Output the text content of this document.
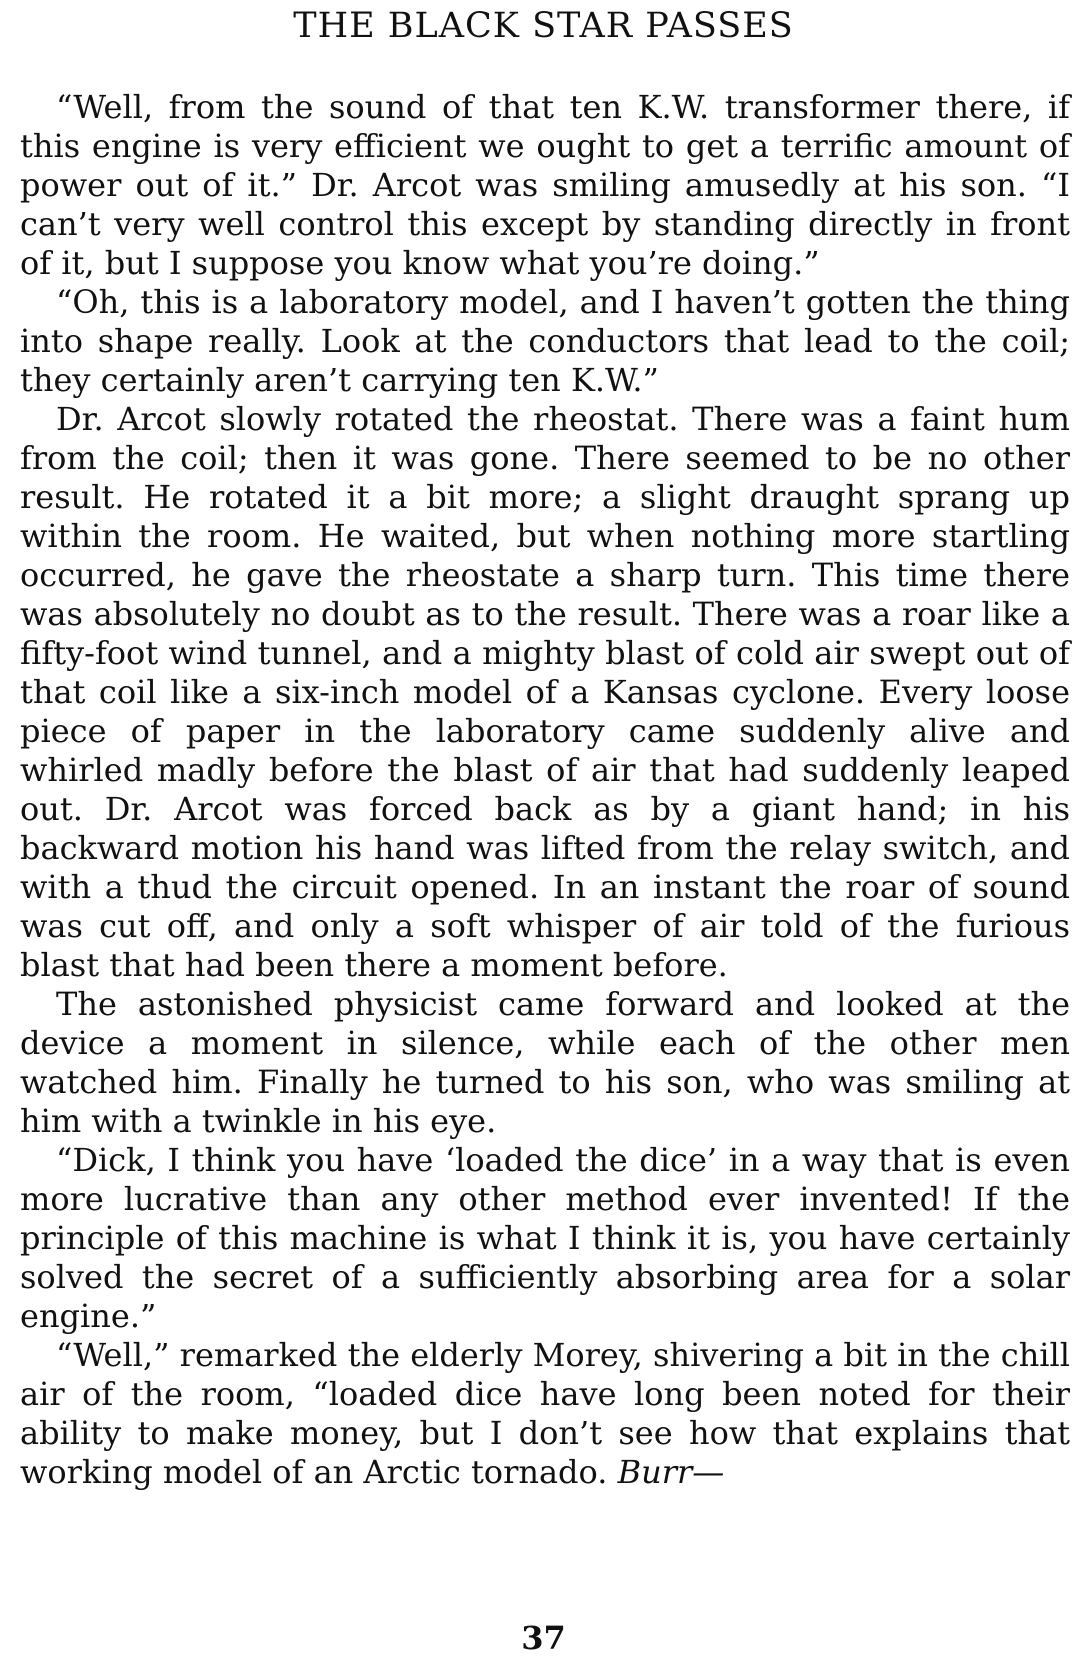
THE BLACK STAR PASSES

“Well, from the sound of that ten K.W. transformer there, if this engine is very efficient we ought to get a terrific amount of power out of it.” Dr. Arcot was smiling amusedly at his son. “I can’t very well control this except by standing directly in front of it, but I suppose you know what you’re doing.”

“Oh, this is a laboratory model, and I haven’t gotten the thing into shape really. Look at the conductors that lead to the coil; they certainly aren’t carrying ten K.W.”

Dr. Arcot slowly rotated the rheostat. There was a faint hum from the coil; then it was gone. There seemed to be no other result. He rotated it a bit more; a slight draught sprang up within the room. He waited, but when nothing more startling occurred, he gave the rheostate a sharp turn. This time there was absolutely no doubt as to the result. There was a roar like a fifty-foot wind tunnel, and a mighty blast of cold air swept out of that coil like a six-inch model of a Kansas cyclone. Every loose piece of paper in the laboratory came suddenly alive and whirled madly before the blast of air that had suddenly leaped out. Dr. Arcot was forced back as by a giant hand; in his backward motion his hand was lifted from the relay switch, and with a thud the circuit opened. In an instant the roar of sound was cut off, and only a soft whisper of air told of the furious blast that had been there a moment before.

The astonished physicist came forward and looked at the device a moment in silence, while each of the other men watched him. Finally he turned to his son, who was smiling at him with a twinkle in his eye.

“Dick, I think you have ‘loaded the dice’ in a way that is even more lucrative than any other method ever invented! If the principle of this machine is what I think it is, you have certainly solved the secret of a sufficiently absorbing area for a solar engine.”

“Well,” remarked the elderly Morey, shivering a bit in the chill air of the room, “loaded dice have long been noted for their ability to make money, but I don’t see how that explains that working model of an Arctic tornado. Burr—

37
